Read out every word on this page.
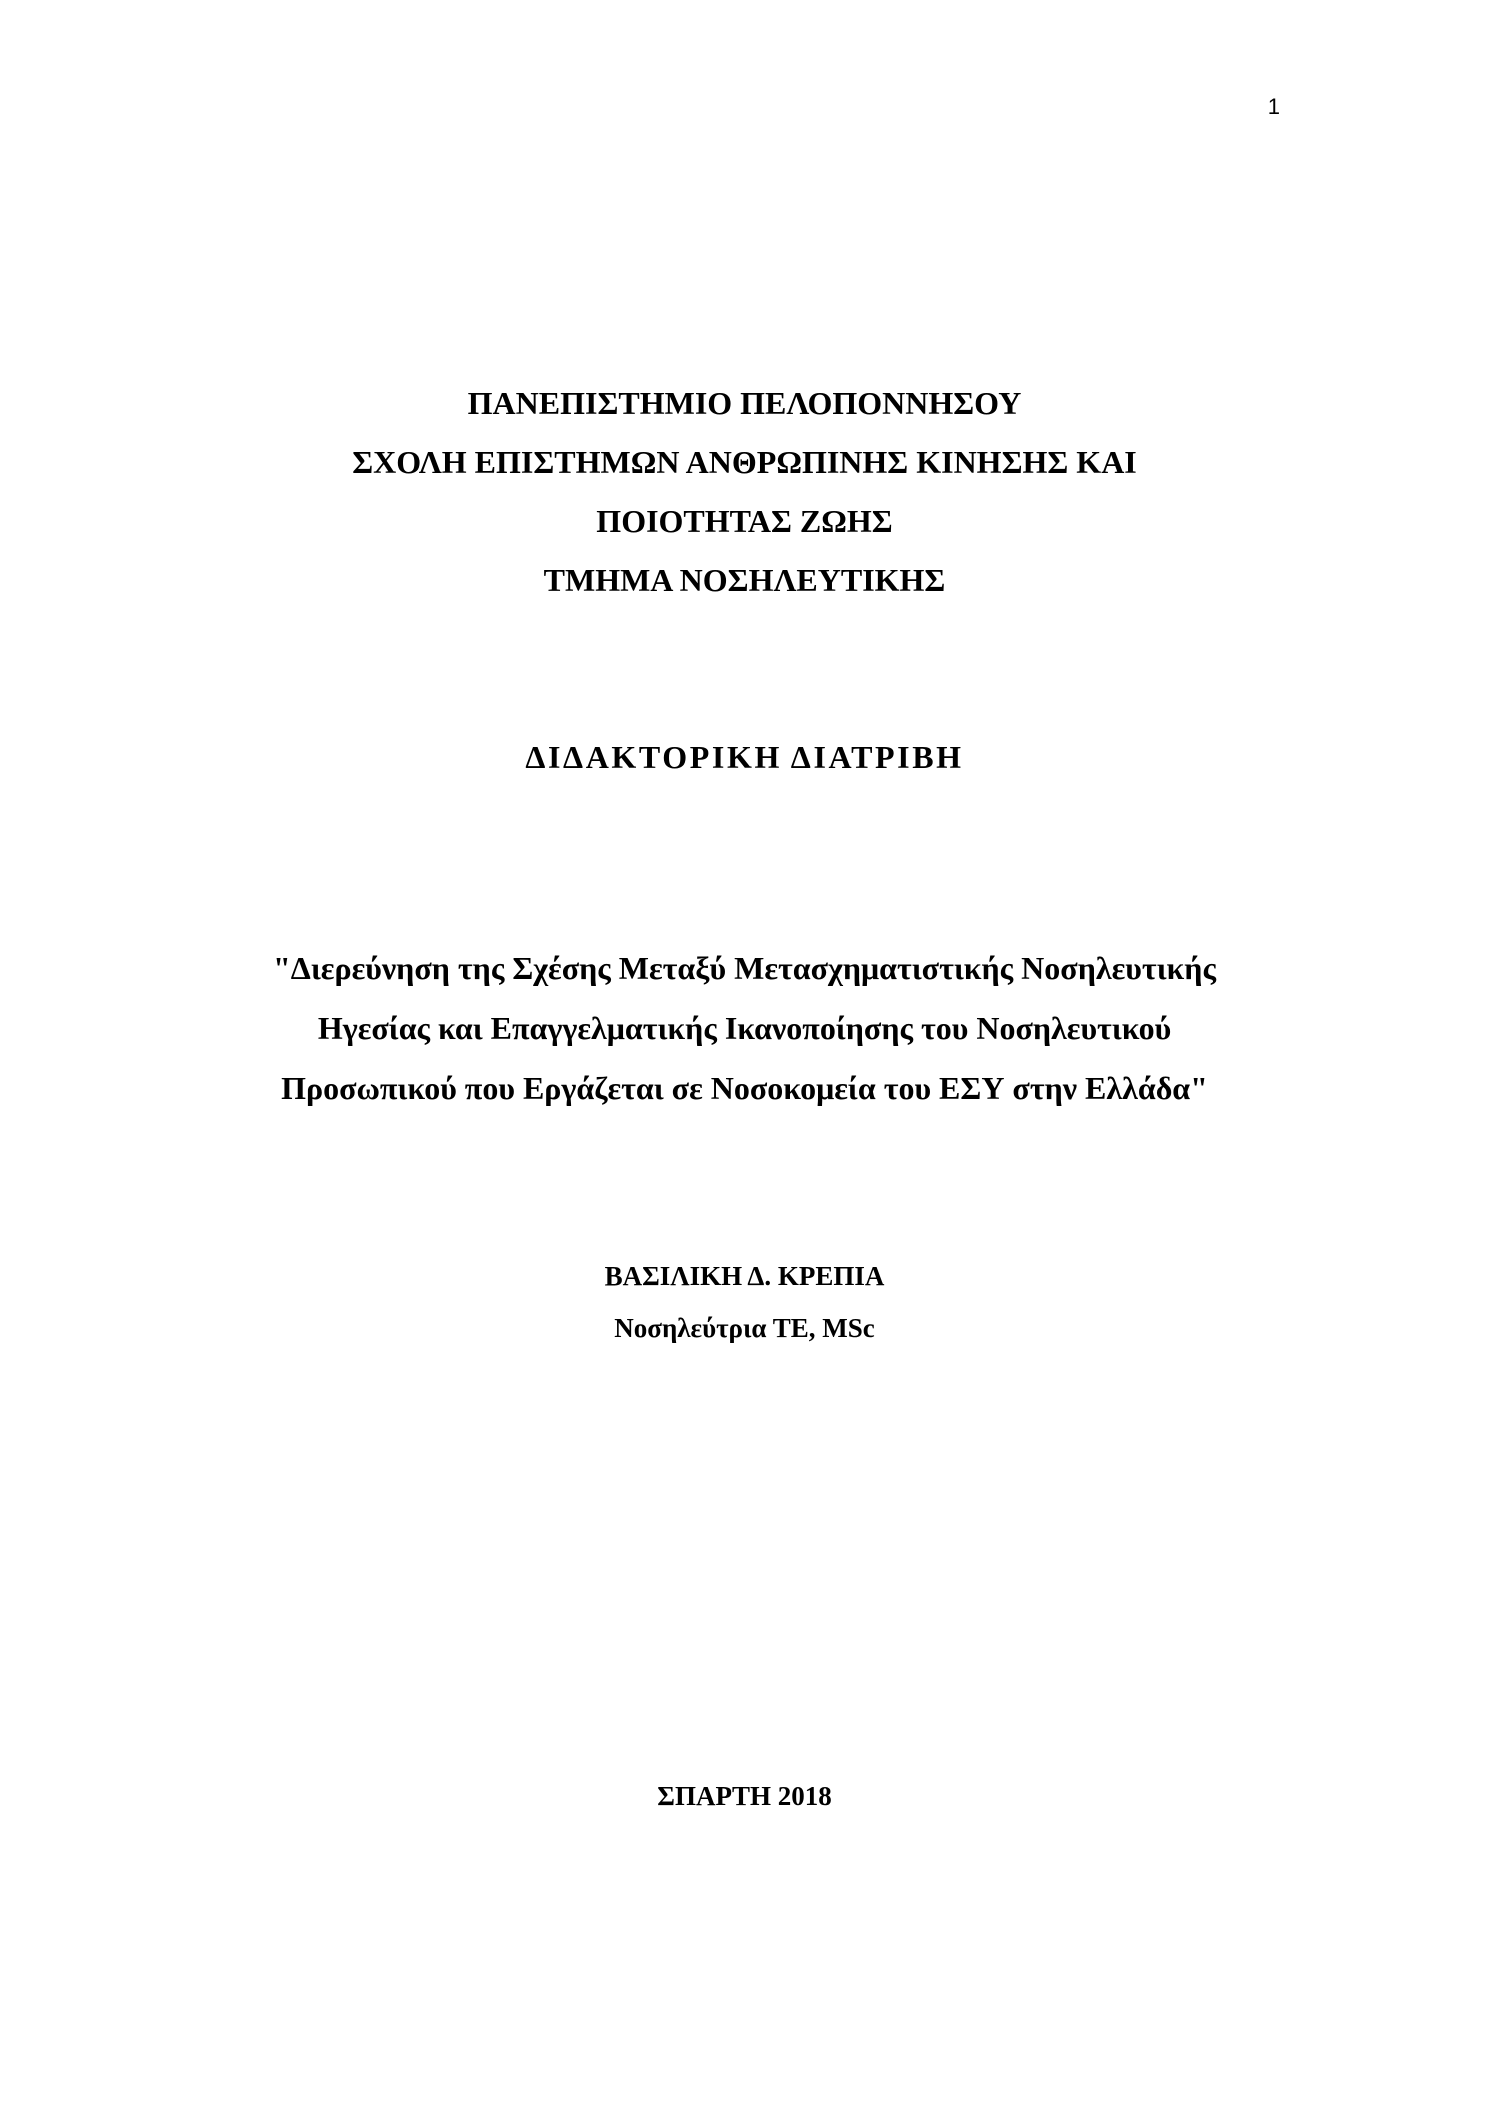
1
ΠΑΝΕΠΙΣΤΗΜΙΟ ΠΕΛΟΠΟΝΝΗΣΟΥ
ΣΧΟΛΗ ΕΠΙΣΤΗΜΩΝ ΑΝΘΡΩΠΙΝΗΣ ΚΙΝΗΣΗΣ ΚΑΙ
ΠΟΙΟΤΗΤΑΣ ΖΩΗΣ
ΤΜΗΜΑ ΝΟΣΗΛΕΥΤΙΚΗΣ
ΔΙΔΑΚΤΟΡΙΚΗ ΔΙΑΤΡΙΒΗ
"Διερεύνηση της Σχέσης Μεταξύ Μετασχηματιστικής Νοσηλευτικής
Ηγεσίας και Επαγγελματικής Ικανοποίησης του Νοσηλευτικού
Προσωπικού που Εργάζεται σε Νοσοκομεία του ΕΣΥ στην Ελλάδα"
ΒΑΣΙΛΙΚΗ Δ. ΚΡΕΠΙΑ
Νοσηλεύτρια ΤΕ, MSc
ΣΠΑΡΤΗ 2018
